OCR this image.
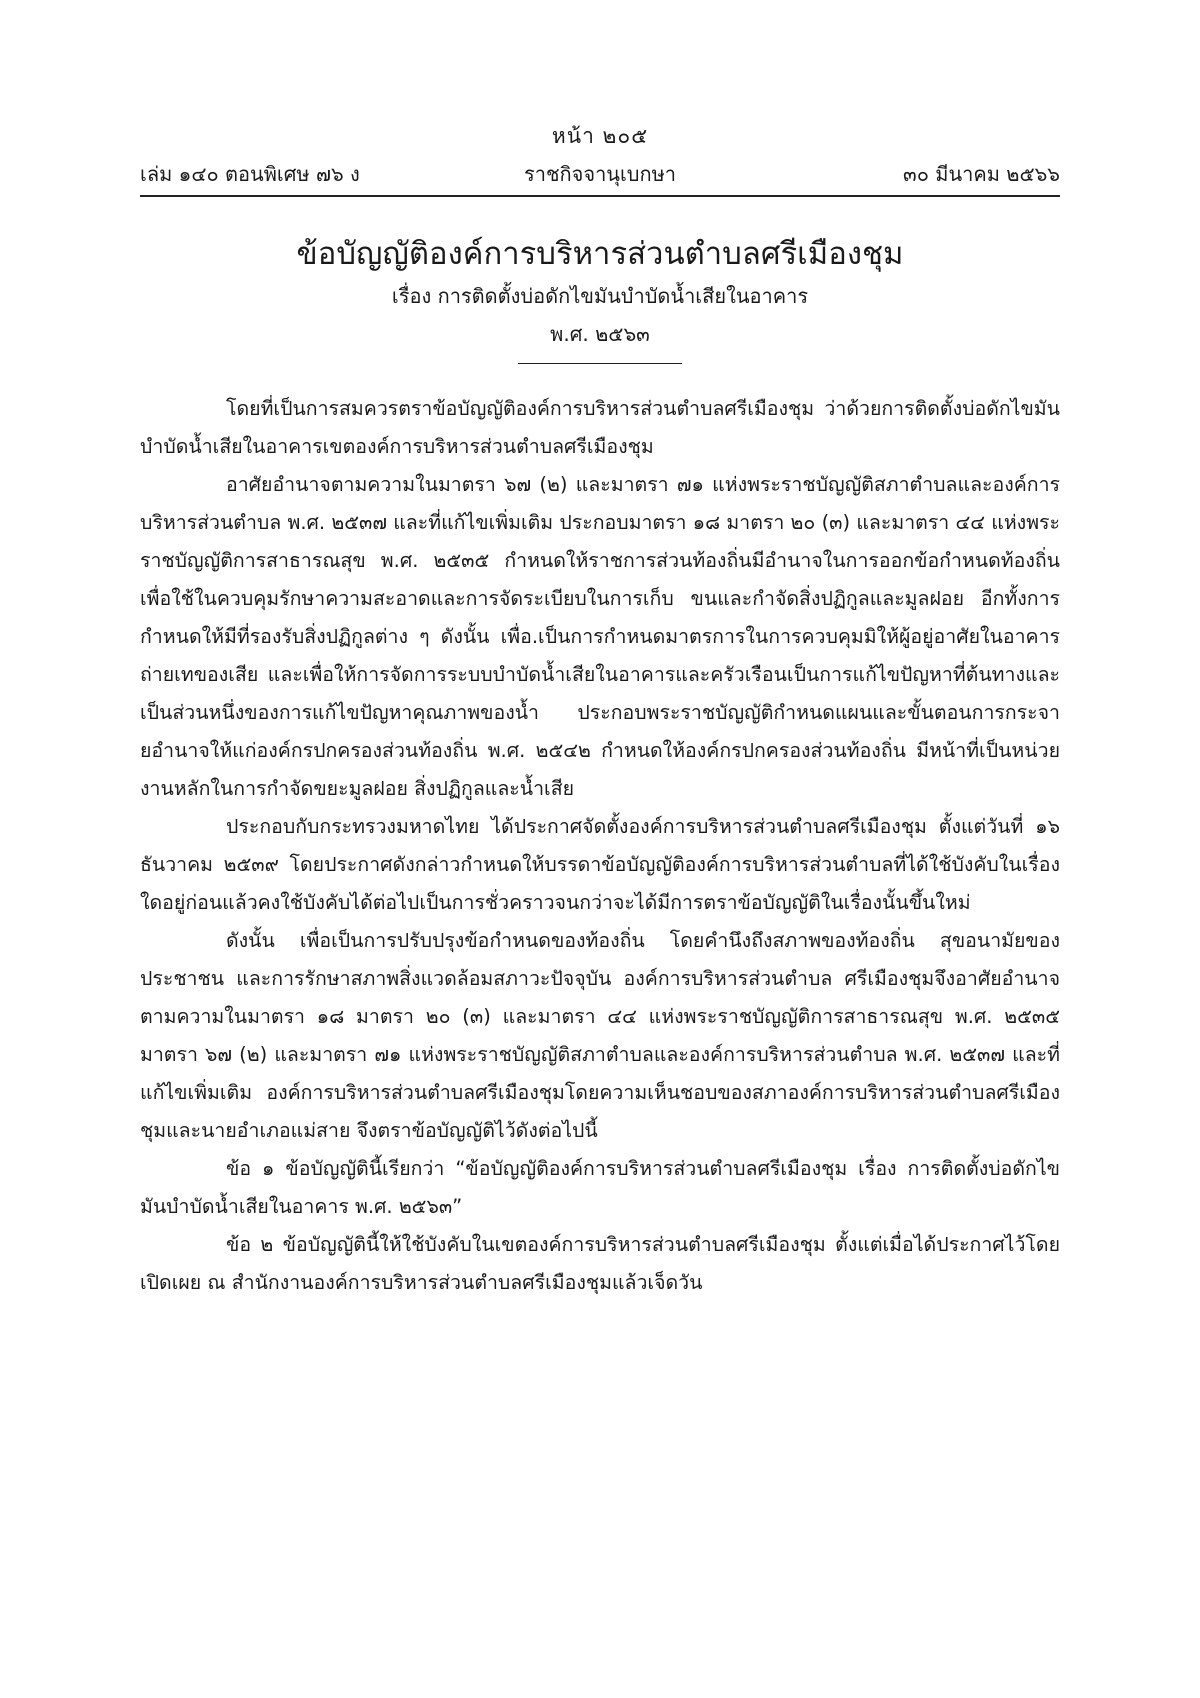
หน้า ๒๐๕
เล่ม ๑๔๐ ตอนพิเศษ ๗๖ ง	ราชกิจจานุเบกษา	๓๐ มีนาคม ๒๕๖๖
ข้อบัญญัติองค์การบริหารส่วนตำบลศรีเมืองชุม
เรื่อง การติดตั้งบ่อดักไขมันบำบัดน้ำเสียในอาคาร
พ.ศ. ๒๕๖๓

โดยที่เป็นการสมควรตราข้อบัญญัติองค์การบริหารส่วนตำบลศรีเมืองชุม ว่าด้วยการติดตั้งบ่อดักไขมันบำบัดน้ำเสียในอาคารเขตองค์การบริหารส่วนตำบลศรีเมืองชุม

อาศัยอำนาจตามความในมาตรา ๖๗ (๒) และมาตรา ๗๑ แห่งพระราชบัญญัติสภาตำบลและองค์การบริหารส่วนตำบล พ.ศ. ๒๕๓๗ และที่แก้ไขเพิ่มเติม ประกอบมาตรา ๑๘ มาตรา ๒๐ (๓) และมาตรา ๔๔ แห่งพระราชบัญญัติการสาธารณสุข พ.ศ. ๒๕๓๕ กำหนดให้ราชการส่วนท้องถิ่นมีอำนาจในการออกข้อกำหนดท้องถิ่นเพื่อใช้ในควบคุมรักษาความสะอาดและการจัดระเบียบในการเก็บ ขนและกำจัดสิ่งปฏิกูลและมูลฝอย อีกทั้งการกำหนดให้มีที่รองรับสิ่งปฏิกูลต่าง ๆ ดังนั้น เพื่อ.เป็นการกำหนดมาตรการในการควบคุมมิให้ผู้อยู่อาศัยในอาคารถ่ายเทของเสีย และเพื่อให้การจัดการระบบบำบัดน้ำเสียในอาคารและครัวเรือนเป็นการแก้ไขปัญหาที่ต้นทางและเป็นส่วนหนึ่งของการแก้ไขปัญหาคุณภาพของน้ำ ประกอบพระราชบัญญัติกำหนดแผนและขั้นตอนการกระจายอำนาจให้แก่องค์กรปกครองส่วนท้องถิ่น พ.ศ. ๒๕๔๒ กำหนดให้องค์กรปกครองส่วนท้องถิ่น มีหน้าที่เป็นหน่วยงานหลักในการกำจัดขยะมูลฝอย สิ่งปฏิกูลและน้ำเสีย

ประกอบกับกระทรวงมหาดไทย ได้ประกาศจัดตั้งองค์การบริหารส่วนตำบลศรีเมืองชุม ตั้งแต่วันที่ ๑๖ ธันวาคม ๒๕๓๙ โดยประกาศดังกล่าวกำหนดให้บรรดาข้อบัญญัติองค์การบริหารส่วนตำบลที่ได้ใช้บังคับในเรื่องใดอยู่ก่อนแล้วคงใช้บังคับได้ต่อไปเป็นการชั่วคราวจนกว่าจะได้มีการตราข้อบัญญัติในเรื่องนั้นขึ้นใหม่

ดังนั้น เพื่อเป็นการปรับปรุงข้อกำหนดของท้องถิ่น โดยคำนึงถึงสภาพของท้องถิ่น สุขอนามัยของประชาชน และการรักษาสภาพสิ่งแวดล้อมสภาวะปัจจุบัน องค์การบริหารส่วนตำบล ศรีเมืองชุมจึงอาศัยอำนาจตามความในมาตรา ๑๘ มาตรา ๒๐ (๓) และมาตรา ๔๔ แห่งพระราชบัญญัติการสาธารณสุข พ.ศ. ๒๕๓๕ มาตรา ๖๗ (๒) และมาตรา ๗๑ แห่งพระราชบัญญัติสภาตำบลและองค์การบริหารส่วนตำบล พ.ศ. ๒๕๓๗ และที่แก้ไขเพิ่มเติม องค์การบริหารส่วนตำบลศรีเมืองชุมโดยความเห็นชอบของสภาองค์การบริหารส่วนตำบลศรีเมืองชุมและนายอำเภอแม่สาย จึงตราข้อบัญญัติไว้ดังต่อไปนี้

ข้อ ๑ ข้อบัญญัตินี้เรียกว่า “ข้อบัญญัติองค์การบริหารส่วนตำบลศรีเมืองชุม เรื่อง การติดตั้งบ่อดักไขมันบำบัดน้ำเสียในอาคาร พ.ศ. ๒๕๖๓”

ข้อ ๒ ข้อบัญญัตินี้ให้ใช้บังคับในเขตองค์การบริหารส่วนตำบลศรีเมืองชุม ตั้งแต่เมื่อได้ประกาศไว้โดยเปิดเผย ณ สำนักงานองค์การบริหารส่วนตำบลศรีเมืองชุมแล้วเจ็ดวัน
